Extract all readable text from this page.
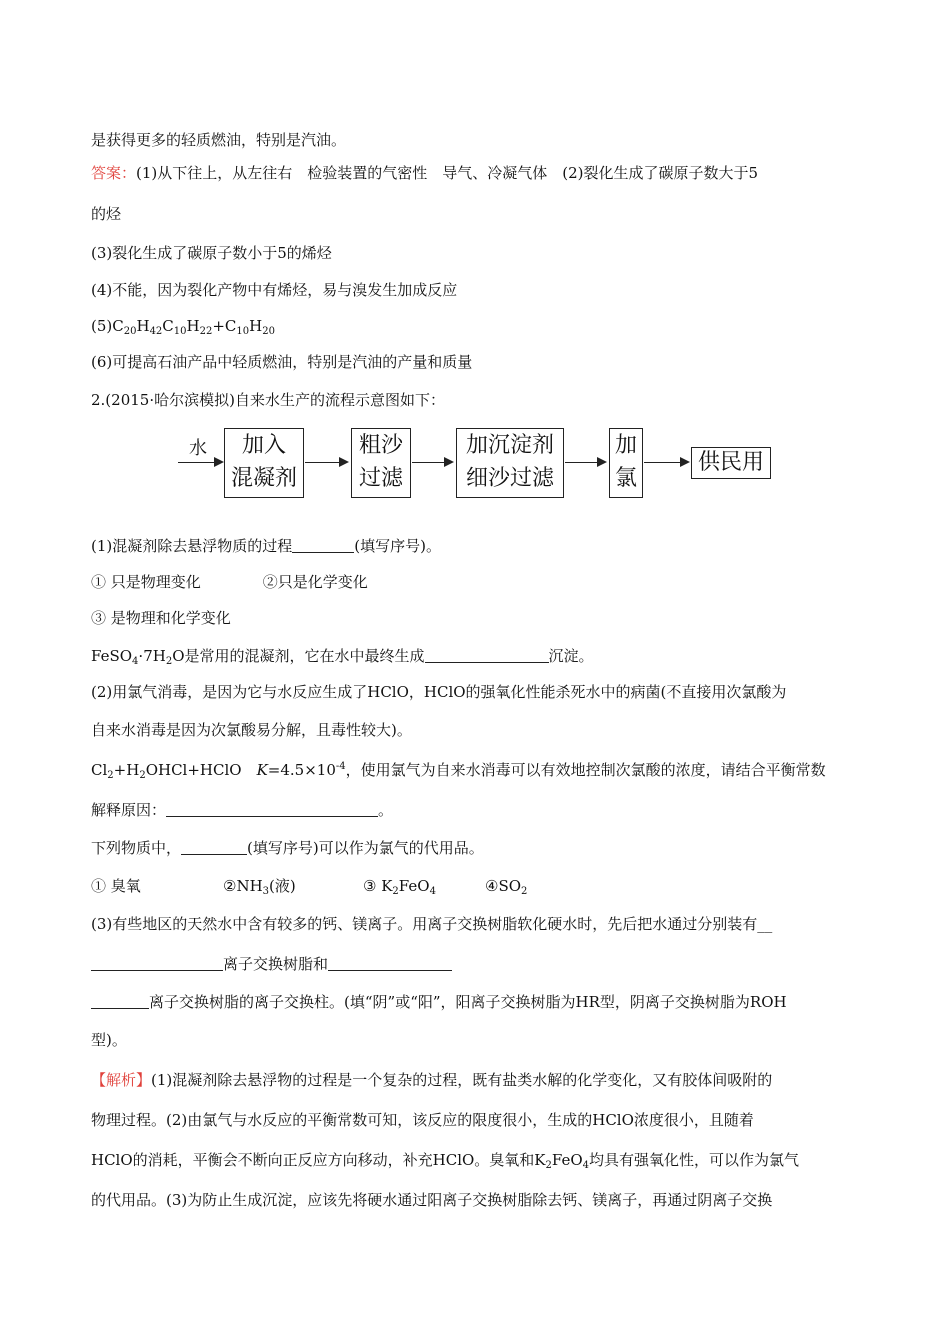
是获得更多的轻质燃油，特别是汽油。
答案：(1)从下往上，从左往右　检验装置的气密性　导气、冷凝气体　(2)裂化生成了碳原子数大于5
的烃
(3)裂化生成了碳原子数小于5的烯烃
(4)不能，因为裂化产物中有烯烃，易与溴发生加成反应
$(5)C_{20}H_{42}C_{10}H_{22}+C_{10}H_{20}$
(6)可提高石油产品中轻质燃油，特别是汽油的产量和质量
2.(2015·哈尔滨模拟)自来水生产的流程示意图如下：
水	加入
混凝剂
粗沙
过滤
加沉淀剂
细沙过滤
加
氯
供民用
(1)混凝剂除去悬浮物质的过程	(填写序号)。
① 只是物理变化	②只是化学变化
③ 是物理和化学变化
$FeSO_4\cdot 7H_2O$是常用的混凝剂，它在水中最终生成	沉淀。
(2)用氯气消毒，是因为它与水反应生成了HClO，HClO的强氧化性能杀死水中的病菌(不直接用次氯酸为
自来水消毒是因为次氯酸易分解，且毒性较大)。
$Cl_2+H_2OHCl+HClO$　$K=4.5\times 10^{-4}$，使用氯气为自来水消毒可以有效地控制次氯酸的浓度，请结合平衡常数
解释原因：	。
下列物质中，	(填写序号)可以作为氯气的代用品。
① 臭氧	$②NH_3$(液)	③ $K_2FeO_4$	$④SO_2$
(3)有些地区的天然水中含有较多的钙、镁离子。用离子交换树脂软化硬水时，先后把水通过分别装有__
离子交换树脂和
离子交换树脂的离子交换柱。(填“阴”或“阳”，阳离子交换树脂为HR型，阴离子交换树脂为ROH
型)。
【解析】(1)混凝剂除去悬浮物的过程是一个复杂的过程，既有盐类水解的化学变化，又有胶体间吸附的
物理过程。(2)由氯气与水反应的平衡常数可知，该反应的限度很小，生成的HClO浓度很小，且随着
HClO的消耗，平衡会不断向正反应方向移动，补充HClO。臭氧和$K_2FeO_4$均具有强氧化性，可以作为氯气
的代用品。(3)为防止生成沉淀，应该先将硬水通过阳离子交换树脂除去钙、镁离子，再通过阴离子交换
